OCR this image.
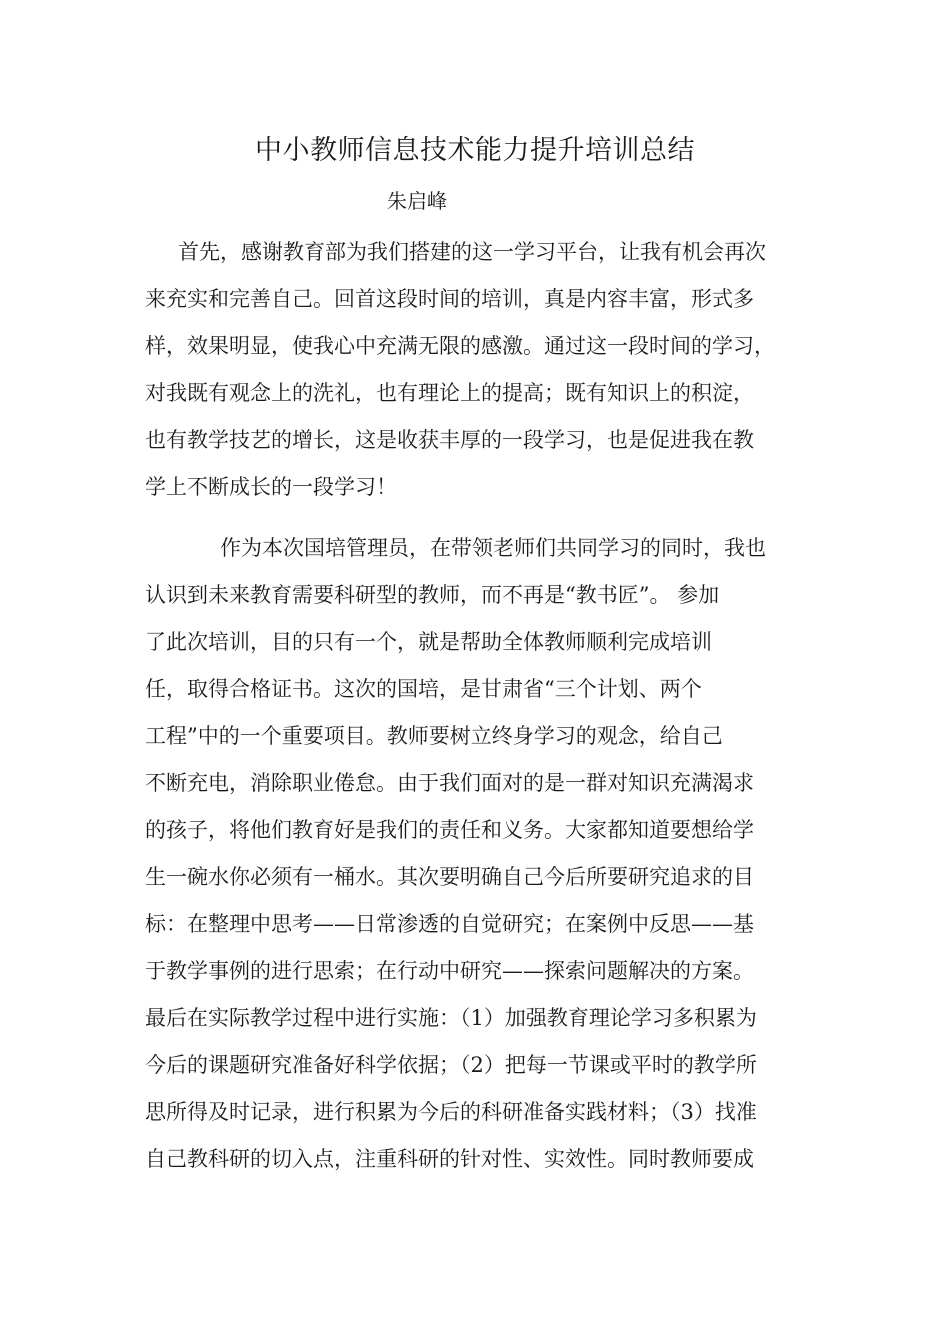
中小教师信息技术能力提升培训总结
朱启峰
首先，感谢教育部为我们搭建的这一学习平台，让我有机会再次
来充实和完善自己。回首这段时间的培训，真是内容丰富，形式多
样，效果明显，使我心中充满无限的感激。通过这一段时间的学习，
对我既有观念上的洗礼，也有理论上的提高；既有知识上的积淀，
也有教学技艺的增长，这是收获丰厚的一段学习，也是促进我在教
学上不断成长的一段学习！
作为本次国培管理员，在带领老师们共同学习的同时，我也
认识到未来教育需要科研型的教师，而不再是“教书匠”。 参加
了此次培训，目的只有一个，就是帮助全体教师顺利完成培训
任，取得合格证书。这次的国培，是甘肃省“三个计划、两个
工程”中的一个重要项目。教师要树立终身学习的观念，给自己
不断充电，消除职业倦怠。由于我们面对的是一群对知识充满渴求
的孩子，将他们教育好是我们的责任和义务。大家都知道要想给学
生一碗水你必须有一桶水。其次要明确自己今后所要研究追求的目
标：在整理中思考——日常渗透的自觉研究；在案例中反思——基
于教学事例的进行思索；在行动中研究——探索问题解决的方案。
最后在实际教学过程中进行实施：（1）加强教育理论学习多积累为
今后的课题研究准备好科学依据；（2）把每一节课或平时的教学所
思所得及时记录，进行积累为今后的科研准备实践材料；（3）找准
自己教科研的切入点，注重科研的针对性、实效性。同时教师要成
